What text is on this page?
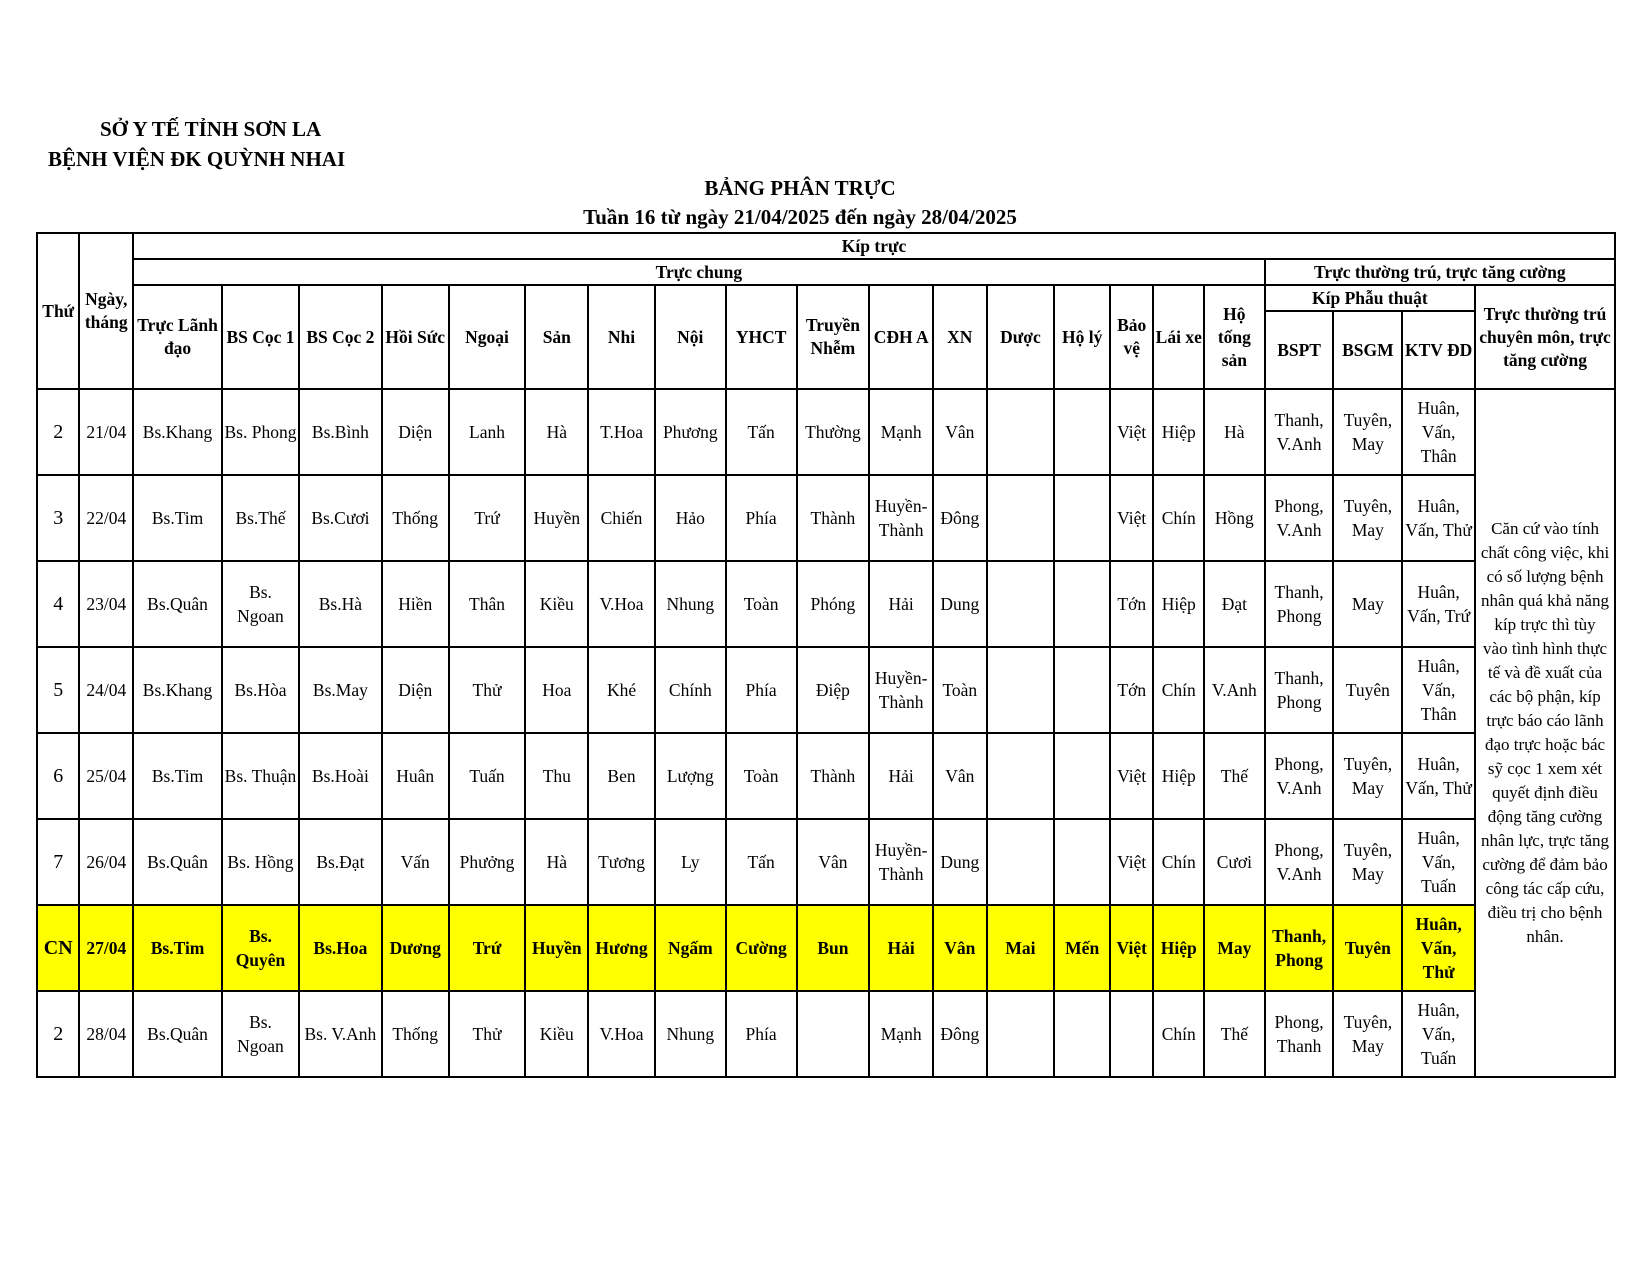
SỞ Y TẾ TỈNH SƠN LA
BỆNH VIỆN ĐK QUỲNH NHAI
BẢNG PHÂN TRỰC
Tuần 16 từ ngày 21/04/2025 đến ngày 28/04/2025
Thứ	Ngày, tháng	Kíp trực																				
		Trực chung																	Trực thường trú, trực tăng cường			
		Trực Lãnh đạo	BS Cọc 1	BS Cọc 2	Hồi Sức	Ngoại	Sản	Nhi	Nội	YHCT	Truyền Nhễm	CĐH A	XN	Dược	Hộ lý	Bảo vệ	Lái xe	Hộ tống sản	Kíp Phẫu thuật			Trực thường trú chuyên môn, trực tăng cường
																			BSPT	BSGM	KTV ĐD	
2	21/04	Bs.Khang	Bs. Phong	Bs.Bình	Diện	Lanh	Hà	T.Hoa	Phương	Tấn	Thường	Mạnh	Vân			Việt	Hiệp	Hà	Thanh, V.Anh	Tuyên, May	Huân, Vấn, Thân	Căn cứ vào tính chất công việc, khi có số lượng bệnh nhân quá khả năng kíp trực thì tùy vào tình hình thực tế và đề xuất của các bộ phận, kíp trực báo cáo lãnh đạo trực hoặc bác sỹ cọc 1 xem xét quyết định điều động tăng cường nhân lực, trực tăng cường để đảm bảo công tác cấp cứu, điều trị cho bệnh nhân.
3	22/04	Bs.Tim	Bs.Thế	Bs.Cươi	Thống	Trứ	Huyền	Chiến	Hảo	Phía	Thành	Huyền- Thành	Đông			Việt	Chín	Hồng	Phong, V.Anh	Tuyên, May	Huân, Vấn, Thử	
4	23/04	Bs.Quân	Bs. Ngoan	Bs.Hà	Hiền	Thân	Kiều	V.Hoa	Nhung	Toàn	Phóng	Hải	Dung			Tớn	Hiệp	Đạt	Thanh, Phong	May	Huân, Vấn, Trứ	
5	24/04	Bs.Khang	Bs.Hòa	Bs.May	Diện	Thử	Hoa	Khé	Chính	Phía	Điệp	Huyền- Thành	Toàn			Tớn	Chín	V.Anh	Thanh, Phong	Tuyên	Huân, Vấn, Thân	
6	25/04	Bs.Tim	Bs. Thuận	Bs.Hoài	Huân	Tuấn	Thu	Ben	Lượng	Toàn	Thành	Hải	Vân			Việt	Hiệp	Thế	Phong, V.Anh	Tuyên, May	Huân, Vấn, Thử	
7	26/04	Bs.Quân	Bs. Hồng	Bs.Đạt	Vấn	Phưởng	Hà	Tương	Ly	Tấn	Vân	Huyền- Thành	Dung			Việt	Chín	Cươi	Phong, V.Anh	Tuyên, May	Huân, Vấn, Tuấn	
CN	27/04	Bs.Tim	Bs. Quyên	Bs.Hoa	Dương	Trứ	Huyền	Hương	Ngấm	Cường	Bun	Hải	Vân	Mai	Mến	Việt	Hiệp	May	Thanh, Phong	Tuyên	Huân, Vấn, Thử	
2	28/04	Bs.Quân	Bs. Ngoan	Bs. V.Anh	Thống	Thử	Kiều	V.Hoa	Nhung	Phía		Mạnh	Đông				Chín	Thế	Phong, Thanh	Tuyên, May	Huân, Vấn, Tuấn	
